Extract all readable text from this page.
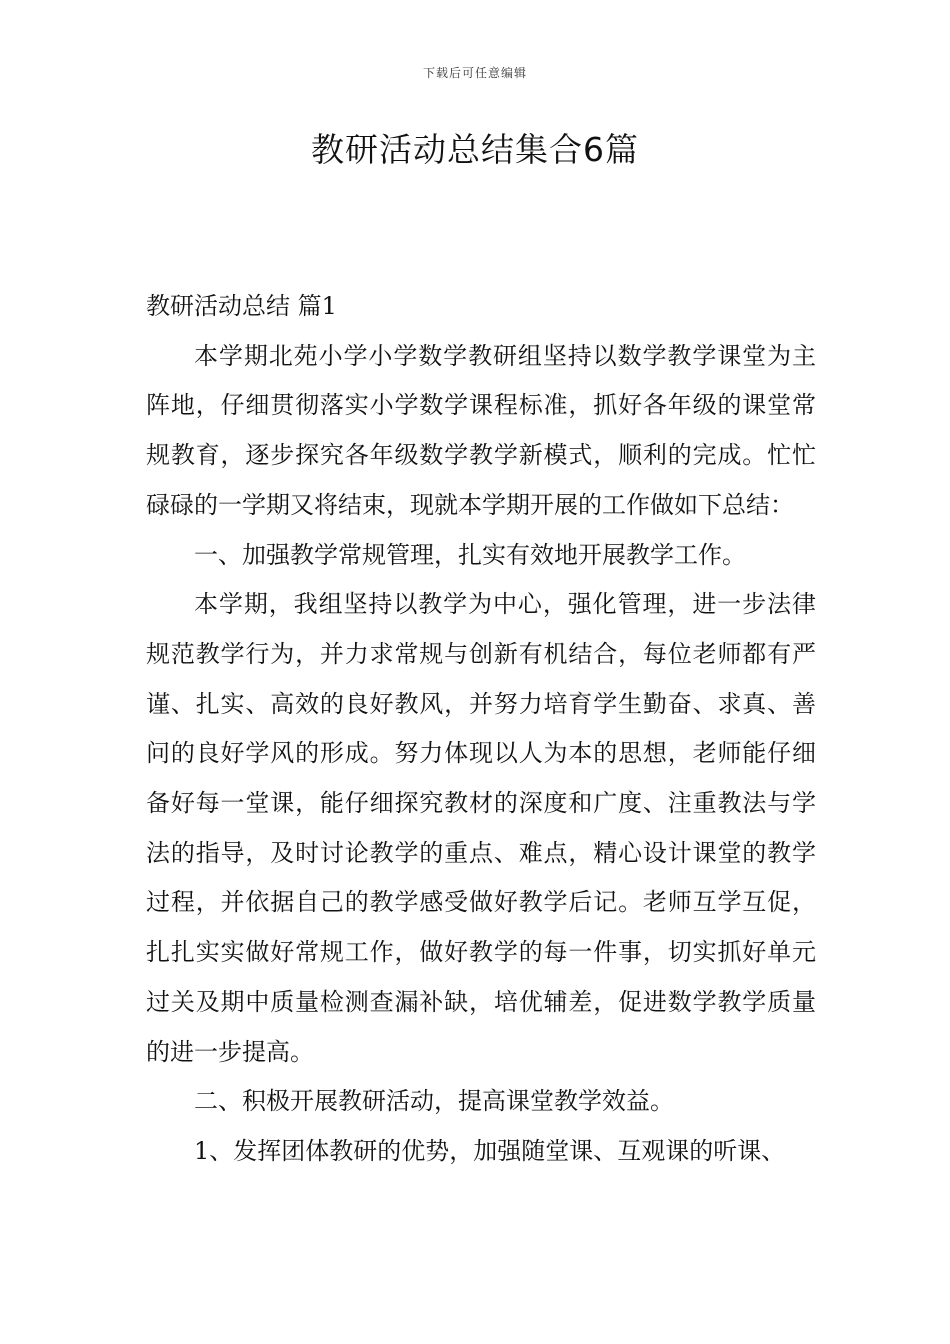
下载后可任意编辑
教研活动总结集合6篇

教研活动总结 篇1

本学期北苑小学小学数学教研组坚持以数学教学课堂为主阵地，仔细贯彻落实小学数学课程标准，抓好各年级的课堂常规教育，逐步探究各年级数学教学新模式，顺利的完成。忙忙碌碌的一学期又将结束，现就本学期开展的工作做如下总结：

一、加强教学常规管理，扎实有效地开展教学工作。

本学期，我组坚持以教学为中心，强化管理，进一步法律规范教学行为，并力求常规与创新有机结合，每位老师都有严谨、扎实、高效的良好教风，并努力培育学生勤奋、求真、善问的良好学风的形成。努力体现以人为本的思想，老师能仔细备好每一堂课，能仔细探究教材的深度和广度、注重教法与学法的指导，及时讨论教学的重点、难点，精心设计课堂的教学过程，并依据自己的教学感受做好教学后记。老师互学互促，扎扎实实做好常规工作，做好教学的每一件事，切实抓好单元过关及期中质量检测查漏补缺，培优辅差，促进数学教学质量的进一步提高。

二、积极开展教研活动，提高课堂教学效益。

1、发挥团体教研的优势，加强随堂课、互观课的听课、
